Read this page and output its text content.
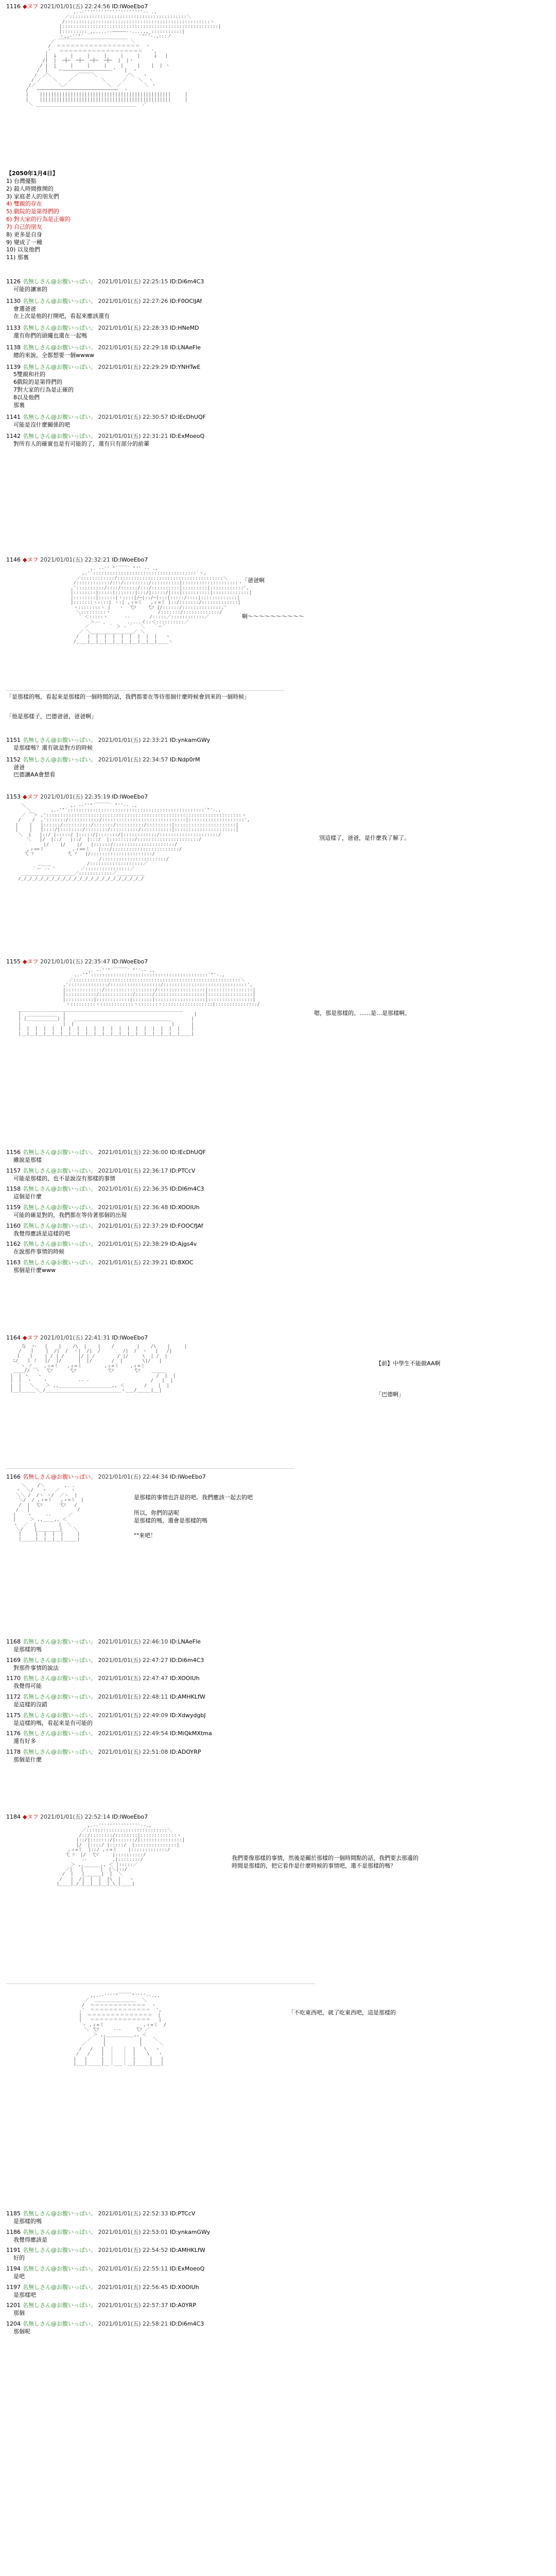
1116 ◆ヌフ 2021/01/01(五) 22:24:56 ID:lWoeEbo7
,.-‐'''''''''''''''''''''‐- .,
／::::::::::::::::::::::::::::::::::::::::::＼
/::::::::::::::::::::::::::::::::::::::::::::::::::::ヽ
|::::::::::::::::::::::::::::::::::::::::::::::::::::::::|
|:::::::::_,,....--―――――--....,,_:::::::::::|
ヽ,,-''"´                    `"''-.,:::ノ
／ ￣￣￣￣￣￣￣￣￣￣￣￣￣￣￣ ＼
/  ＝＝＝＝＝＝＝＝＝＝＝＝＝＝＝＝＝＝  ヽ
,'   ＝＝＝＝＝＝＝＝＝＝＝＝＝＝＝＝＝＝   ',
|  i     |     |     |     |     |     i   |
/|  |  ─┼─  ─┼─  ─┼─  ─┼─  |  |ヽ
/ |  |     |     |     |     |     |    |  | ヽ
/  |  ｀ー―――――――――――――――――‐'   |  ヽ
/  ／＼        ／￣￣￣＼          ／＼   ヽ
/ ／    ＼    ／          ＼      ／    ＼  ヽ
/／        ＼／              ＼  ／        ＼ ヽ
/   ─────────────────────────────  ヽ
|    |||||||||||||||||||||||||||||||||||||||||||||||     |
|    |||||||||||||||||||||||||||||||||||||||||||||||     |
＼ ____________________________________  ／

【2050年1月4日】
1) 台灣優點
2) 殺人時間推開的
3) 家庭老人的朋友們
4) 雙親的存在
5) 戲院的是第得們的
6) 對大家的行為是正確的
7) 自己的朋友
8) 更多是自身
9) 變成了一種
10) 以及他們
11) 那裏
1126 名無しさん@お腹いっぱい。 2021/01/01(五) 22:25:15 ID:Di6m4C3
可能的讓塞的
1130 名無しさん@お腹いっぱい。 2021/01/01(五) 22:27:26 ID:F0OClJAf
會選爸爸
在上次是他的打開吧，看起來應該還有
1133 名無しさん@お腹いっぱい。 2021/01/01(五) 22:28:33 ID:HNeMD
還有你們的頭繩也還在一起嗎
1138 名無しさん@お腹いっぱい。 2021/01/01(五) 22:29:18 ID:LNAeFle
總的來說，全都想要一個wwww
1139 名無しさん@お腹いっぱい。 2021/01/01(五) 22:29:29 ID:YNHTwE
5雙親和社的
6戲院的是第得們的
7對大家的行為是正確的
8以及他們
那裏
1141 名無しさん@お腹いっぱい。 2021/01/01(五) 22:30:57 ID:lEcDhUQF
可能是沒什麼關係的吧
1142 名無しさん@お腹いっぱい。 2021/01/01(五) 22:31:21 ID:ExMoeoQ
對所有人的確實也是有可能的了，還有只有部分的前輩
1146 ◆ヌフ 2021/01/01(五) 22:32:21 ID:lWoeEbo7
,. -‐'' "´￣￣` "'' ‐- .,
,.'´:::::::::::::::::::::::::::::::::::::`ヽ,
／::::::::::::/::::::::::::::::::::::::::::::::::::::＼
/::::::::::::/:::/:::::::::/::::::::::|::::::::::::::::::::ヽ
,'::::::::::/::::/::::::/:::/::::::::::|:::::::::|::::::::::::',
|::::::::|:::::|:::::::|:::/|:::::/|:::|::::::::::|:::::::::::::|
|::::::::|::::::|ヽ::::|/─|::/─|:::|:::::/::::|:::::::::::::|
|:::::::ヽ::::| ヽ:| ,ィ=ミ   ,ィ=ミ |::/:::::::/:::::::::::::|
ヽ::::::::ヽ |   ヽ  弋ｿ    弋ｿ |/::::::/::::::::::::::,'
＼:::::::::ヽ                 /:::::::/:::::::::::::/
` ＜:::::ヽ      ‐-       /:::::／::::::::::::／
＞-‐ 、       .....イ::＜::::::::::／
／       ｀ ＞ ‐ ´   ＼   ｀ー´
／ ＼_______________／ ＼
/   |  |  |  |  |  |  |  |  |   ヽ
/____|__|__|__|__|__|__|__|__|____ヽ

「爸爸啊
啊～～～～～～～～～～
「是那樣的嗎，看起來是那樣的一個時間的話，我們都要在等待那個什麼時候會到來的一個時候」
「他是那樣子，巴德爸爸，爸爸啊」
1151 名無しさん@お腹いっぱい。 2021/01/01(五) 22:33:21 ID:ynkamGWy
是那樣嗎？還有就是對方的時候
1152 名無しさん@お腹いっぱい。 2021/01/01(五) 22:34:57 ID:Ndp0rM
爸爸
巴德讓AA會想看
1153 ◆ヌフ 2021/01/01(五) 22:35:19 ID:lWoeEbo7
＼                ,. -‐''"´￣￣￣` "''‐- .,
＼       ,.-'"´:::::::::::::::::::::::::::::::::::::::::::::::::`"'-.,
／ ￣＞ ,'::::::::::::::::::::::::::::::::::::::::::::::::::::::::::::::::::::::ヽ
/    /  ,':::::::/:::::::::::/::::::::::::::::::::::::::::::|::::::::::::::::::::',
|    |   |::::::/::::::::::/:::::::/::::::::::/:::::::::|::::::::::::::::::::::|
|    |   |::::/|::::::::/::::::::/::::::::::/:::::::::::|::::::::::::::::::::::|
＼  |   |::/ |:::::/ |:::::/|:::::::/|::::::::::::/:::::::::::::::::::::/
＼   |/  |::/   |::/  |:::/  |:::::::::/::::::::::::::::::::::/
|/    |/    |/   |::::::/::::::::::::::::::::::/
,ィ==ミ          ,ィ==ミ   |:::/::::::::::::::::::::::::/
弋 ｿ            弋 ｿ   |/::::::::::::::::::::::/
/:::::::::::::::::::::::/
＿___             /:::::::::::::::::::／
｀ー ‐‐ '         ／::::::::::::::::／
___________________／::::::::::::／__________
/_/_/_/_/_/_/_/_/_/_/_/_/_/_/_/_/_/_/_/_/_/_/

別這樣了，爸爸，是什麼我了解了。
1155 ◆ヌフ 2021/01/01(五) 22:35:47 ID:lWoeEbo7
,. -‐''"´￣￣￣` "''‐- .,
,.-'"´::::::::::::::::::::::::::::::::::::::::::`"'-.,
／::::::::::::::::::::::::::::::::::::::::::::::::::::::::::::＼
,'::::::::::::::/::::::::::::::::::/::::::::::::::::::::::::::::::',
|:::::::::::::/::::::::::::::::::/:::::::::::::::::|::::::::::::::::|
|:::::::::::/::::::::::::/::::::/::::::::::::::::::|::::::::::::::::|
|::::::::::|::::::::::::|:::::::|::::::::::::::::::|::::::::::::::::|
ヽ:::::::::ヽ::::::::::::ヽ:::::::ヽ::::::::::::::::::|:::::::::::::::/
___________________________________________________________
|  ___________  |                                              |
| |___________| |   ___________________________________       |
|               |  |                                   |      |
|  |  |  |  |  |  |  |  |  |  |  |  |  |  |  |  |  |  |  |    |
|__|__|__|__|__|__|__|__|__|__|__|__|__|__|__|__|__|__|__|____|

嗯，那是那樣的。……是…是那樣啊。
1156 名無しさん@お腹いっぱい。 2021/01/01(五) 22:36:00 ID:lEcDhUQF
雖說是那樣
1157 名無しさん@お腹いっぱい。 2021/01/01(五) 22:36:17 ID:PTCcV
可能是那樣的，也不是說沒有那樣的事情
1158 名無しさん@お腹いっぱい。 2021/01/01(五) 22:36:35 ID:DI6m4C3
這個是什麼
1159 名無しさん@お腹いっぱい。 2021/01/01(五) 22:36:48 ID:XOOlUh
可能的確是對的，我們都在等待著那個的出現
1160 名無しさん@お腹いっぱい。 2021/01/01(五) 22:37:29 ID:FOOCfJAf
我覺得應該是這樣的吧
1162 名無しさん@お腹いっぱい。 2021/01/01(五) 22:38:29 ID:Ajgs4v
在說那件事情的時候
1163 名無しさん@お腹いっぱい。 2021/01/01(五) 22:39:21 ID:8XOC
那個是什麼www
1164 ◆ヌフ 2021/01/01(五) 22:41:31 ID:lWoeEbo7
な  ハ   |    |    /\  |    |    /        |    /\    |     |
/   ｌ    |  /|  /  ヽ|  /|  /        /|  /  ヽ   |   /|
ｌ   ｌ    | / | /     |/ | /        / |/     \  | /  |
ﾆ/   ｌ ﾉ   |/  |/      |  |/       /  |       \|/   |
｀ヽ_ノ__  ,ィ=ミ   ,ィ=ミ        ,ィ=ミ    ,ィ=ミ
____//  ヽ  弋ｿ      弋ｿ           弋ｿ       弋ｿ    _____
|  | ヽ   ヽ                                         /  |  |
|  |  ヽ    ヽ           ‐- ‐                      /   |  |
|  |   ＼    ＞ ,,___________________,, ＜       /    |  |
|__|_____＼_/___________________________ヽ___/_____|__|

【前】中學生不能做AA啊
「巴德啊」
1166 名無しさん@お腹いっぱい。 2021/01/01(五) 22:44:34 ID:lWoeEbo7
＼    /＼       ,. ､
ヽ  ＼/   ヽ   ／    ヽ
＼＼ /  /ヽ ヽ/  ／ヽ  |
＼/  / ,ィ=ミ   ,ィ=ミ  |
/  |  弋ｿ      弋ｿ   /
/   |                 /
|    ヽ     ‐-      ／
|     ＞ ,,____,, ＜
ヽ  ／  |        |  ＼
＼/    |________|    ＼
|     |  |  |  |     |
|_____|__|__|__|_____|

是那樣的事情也許是的吧。我們應該一起去的吧

所以，你們的話呢
是那樣的嗎，還會是那樣的嗎

""來吧！
1168 名無しさん@お腹いっぱい。 2021/01/01(五) 22:46:10 ID:LNAeFle
是那樣的嗎
1169 名無しさん@お腹いっぱい。 2021/01/01(五) 22:47:27 ID:Di6m4C3
對那件事情的說法
1170 名無しさん@お腹いっぱい。 2021/01/01(五) 22:47:47 ID:XOOlUh
我覺得可能
1172 名無しさん@お腹いっぱい。 2021/01/01(五) 22:48:11 ID:AMHKLfW
是這樣的沒錯
1175 名無しさん@お腹いっぱい。 2021/01/01(五) 22:49:09 ID:XdwydgbJ
是這樣的嗎，看起來是有可能的
1176 名無しさん@お腹いっぱい。 2021/01/01(五) 22:49:54 ID:MiQkMXtma
還有好多
1178 名無しさん@お腹いっぱい。 2021/01/01(五) 22:51:08 ID:ADOYRP
那個是什麼
1184 ◆ヌフ 2021/01/01(五) 22:52:14 ID:lWoeEbo7
,.-‐'''''''''''''''‐-.,
／:::::::::::::::::::::::::::::＼
/::/::::::::/::::::::|:::::::::::::ヽ
|::/|:::::::/|:::::::/|:::::::::::::::|
|/  |::::/ |:::::/  |:::::::::::::::|
,ィ=ミ  |::/ ,ィ=ミ    |:::::::::::::/
弋 ｿ  |/  弋ｿ     |::::::::::/
‐-         ,|::::::::/
＞ ,,______,, ＜ |:::::／
／|   |      |  |＼|::/
/  |   |______|  |  ＼
/   |  /|  |  |  |\  |   ヽ
|____|_/_|__|__|__|_\_|____|

我們要像那樣的事情，然後是關於那樣的一個時間點的話，我們要去那邊的
時間是那樣的，把它看作是什麼時候的事情吧，還不是那樣的嗎？
,,.-‐''''"￣￣￣"''''‐-.,,
／  ＿＿＿＿＿＿＿＿＿  ＼
/  ＝＝＝＝＝＝＝＝＝＝＝＝  ヽ
,'  ＝＝＝＝＝＝＝＝＝＝＝＝＝  ',
|  ＝＝＝＝＝＝＝＝＝＝＝＝＝＝  |
|   ＝＝＝＝＝＝＝＝＝＝＝＝＝   |
ヽ ,ィ=ミ              ,ィ=ミ  /
＼ 弋ｿ     ‐-‐     弋ｿ ／
＞ ,,__________,, ＜
／    |            |    ＼
／      |            |      ＼
/   /   |  ｜   ｜  |   \   ヽ
/   /    |  ｜   ｜  |    \   ヽ
|   |     |  ｜   ｜  |     |   |
|___|_____|__｜___｜__|_____|___|

「不吃東西吧，就了吃東西吧，這是那樣的
1185 名無しさん@お腹いっぱい。 2021/01/01(五) 22:52:33 ID:PTCcV
是那樣的嗎
1186 名無しさん@お腹いっぱい。 2021/01/01(五) 22:53:01 ID:ynkamGWy
我覺得應該是
1191 名無しさん@お腹いっぱい。 2021/01/01(五) 22:54:52 ID:AMHKLfW
好的
1194 名無しさん@お腹いっぱい。 2021/01/01(五) 22:55:11 ID:ExMoeoQ
是吧
1197 名無しさん@お腹いっぱい。 2021/01/01(五) 22:56:45 ID:X0OlUh
是那樣吧
1201 名無しさん@お腹いっぱい。 2021/01/01(五) 22:57:37 ID:A0YRP
那個
1204 名無しさん@お腹いっぱい。 2021/01/01(五) 22:58:21 ID:Di6m4C3
那個呢
